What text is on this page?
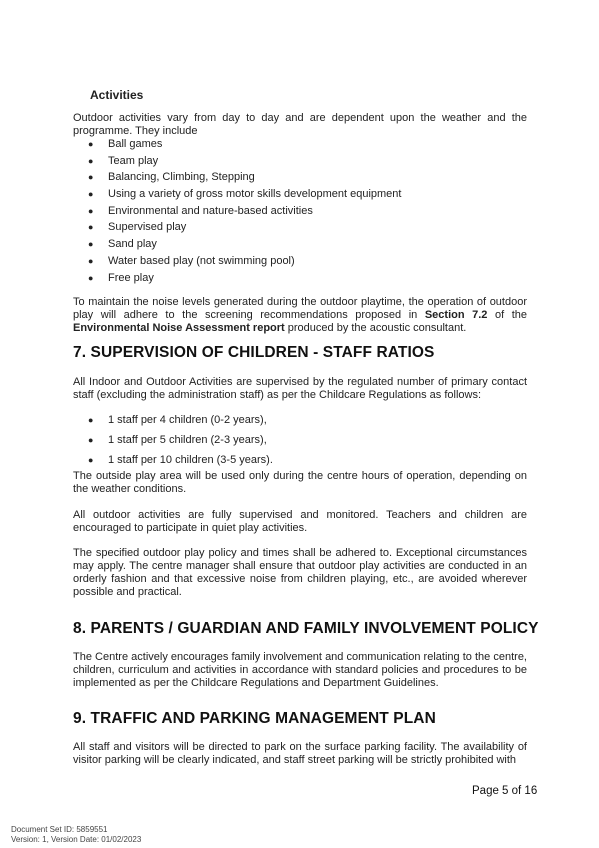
Activities

Outdoor activities vary from day to day and are dependent upon the weather and the programme. They include

● Ball games
● Team play
● Balancing, Climbing, Stepping
● Using a variety of gross motor skills development equipment
● Environmental and nature-based activities
● Supervised play
● Sand play
● Water based play (not swimming pool)
● Free play

To maintain the noise levels generated during the outdoor playtime, the operation of outdoor play will adhere to the screening recommendations proposed in Section 7.2 of the Environmental Noise Assessment report produced by the acoustic consultant.

7. SUPERVISION OF CHILDREN - STAFF RATIOS

All Indoor and Outdoor Activities are supervised by the regulated number of primary contact staff (excluding the administration staff) as per the Childcare Regulations as follows:

● 1 staff per 4 children (0-2 years),
● 1 staff per 5 children (2-3 years),
● 1 staff per 10 children (3-5 years).

The outside play area will be used only during the centre hours of operation, depending on the weather conditions.

All outdoor activities are fully supervised and monitored. Teachers and children are encouraged to participate in quiet play activities.

The specified outdoor play policy and times shall be adhered to. Exceptional circumstances may apply. The centre manager shall ensure that outdoor play activities are conducted in an orderly fashion and that excessive noise from children playing, etc., are avoided wherever possible and practical.

8. PARENTS / GUARDIAN AND FAMILY INVOLVEMENT POLICY

The Centre actively encourages family involvement and communication relating to the centre, children, curriculum and activities in accordance with standard policies and procedures to be implemented as per the Childcare Regulations and Department Guidelines.

9. TRAFFIC AND PARKING MANAGEMENT PLAN

All staff and visitors will be directed to park on the surface parking facility. The availability of visitor parking will be clearly indicated, and staff street parking will be strictly prohibited with

Page 5 of 16
Document Set ID: 5859551
Version: 1, Version Date: 01/02/2023
